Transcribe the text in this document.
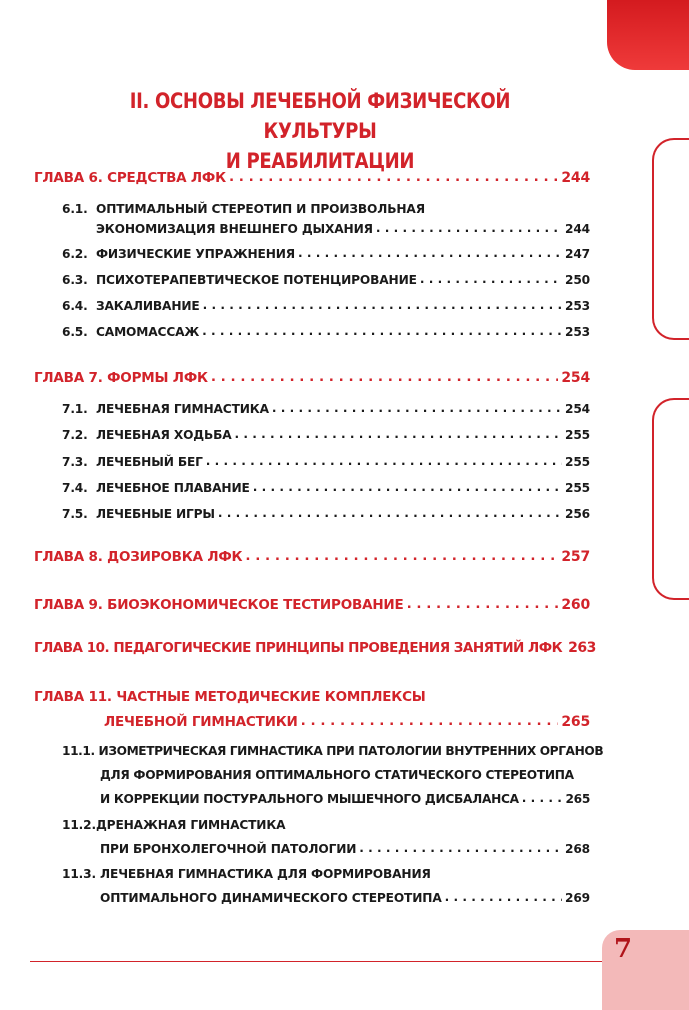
II. ОСНОВЫ ЛЕЧЕБНОЙ ФИЗИЧЕСКОЙ КУЛЬТУРЫ
И РЕАБИЛИТАЦИИ
ГЛАВА 6. СРЕДСТВА ЛФК . . .	244
6.1. ОПТИМАЛЬНЫЙ СТЕРЕОТИП И ПРОИЗВОЛЬНАЯ
ЭКОНОМИЗАЦИЯ ВНЕШНЕГО ДЫХАНИЯ . . .	244
6.2. ФИЗИЧЕСКИЕ УПРАЖНЕНИЯ . . .	247
6.3. ПСИХОТЕРАПЕВТИЧЕСКОЕ ПОТЕНЦИРОВАНИЕ . . .	250
6.4. ЗАКАЛИВАНИЕ . . .	253
6.5. САМОМАССАЖ . . .	253
ГЛАВА 7. ФОРМЫ ЛФК . . .	254
7.1. ЛЕЧЕБНАЯ ГИМНАСТИКА . . .	254
7.2. ЛЕЧЕБНАЯ ХОДЬБА . . .	255
7.3. ЛЕЧЕБНЫЙ БЕГ . . .	255
7.4. ЛЕЧЕБНОЕ ПЛАВАНИЕ . . .	255
7.5. ЛЕЧЕБНЫЕ ИГРЫ . . .	256
ГЛАВА 8. ДОЗИРОВКА ЛФК . . .	257
ГЛАВА 9. БИОЭКОНОМИЧЕСКОЕ ТЕСТИРОВАНИЕ . . .	260
ГЛАВА 10. ПЕДАГОГИЧЕСКИЕ ПРИНЦИПЫ ПРОВЕДЕНИЯ ЗАНЯТИЙ ЛФК 263
ГЛАВА 11. ЧАСТНЫЕ МЕТОДИЧЕСКИЕ КОМПЛЕКСЫ
ЛЕЧЕБНОЙ ГИМНАСТИКИ . . .	265
11.1. ИЗОМЕТРИЧЕСКАЯ ГИМНАСТИКА ПРИ ПАТОЛОГИИ ВНУТРЕННИХ ОРГАНОВ
ДЛЯ ФОРМИРОВАНИЯ ОПТИМАЛЬНОГО СТАТИЧЕСКОГО СТЕРЕОТИПА
И КОРРЕКЦИИ ПОСТУРАЛЬНОГО МЫШЕЧНОГО ДИСБАЛАНСА . . .	265
11.2.ДРЕНАЖНАЯ ГИМНАСТИКА
ПРИ БРОНХОЛЕГОЧНОЙ ПАТОЛОГИИ . . .	268
11.3. ЛЕЧЕБНАЯ ГИМНАСТИКА ДЛЯ ФОРМИРОВАНИЯ
ОПТИМАЛЬНОГО ДИНАМИЧЕСКОГО СТЕРЕОТИПА . . .	269
7
